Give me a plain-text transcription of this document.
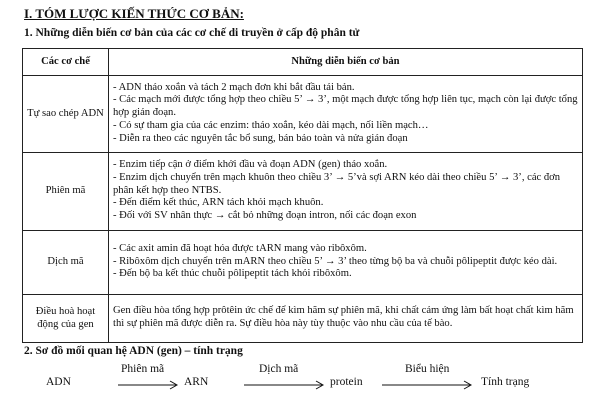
I. TÓM LƯỢC KIẾN THỨC CƠ BẢN:
1. Những diễn biến cơ bản của các cơ chế di truyền ở cấp độ phân tử
Các cơ chế	Những diễn biến cơ bản
Tự sao chép ADN	- ADN tháo xoắn và tách 2 mạch đơn khi bắt đầu tái bản.
- Các mạch mới được tổng hợp theo chiều 5’ → 3’, một mạch được tổng hợp liên tục, mạch còn lại được tổng hợp gián đoạn.
- Có sự tham gia của các enzim: tháo xoắn, kéo dài mạch, nối liền mạch…
- Diễn ra theo các nguyên tắc bổ sung, bán bảo toàn và nửa gián đoạn

Phiên mã	- Enzim tiếp cận ở điểm khởi đầu và đoạn ADN (gen) tháo xoắn.
- Enzim dịch chuyển trên mạch khuôn theo chiều 3’ → 5’và sợi ARN kéo dài theo chiều 5’ → 3’, các đơn phân kết hợp theo NTBS.
- Đến điểm kết thúc, ARN tách khỏi mạch khuôn.
- Đối với SV nhân thực → cắt bỏ những đoạn intron, nối các đoạn exon

Dịch mã	- Các axit amin đã hoạt hóa được tARN mang vào ribôxôm.
- Ribôxôm dịch chuyển trên mARN theo chiều 5’ → 3’ theo từng bộ ba và chuỗi pôlipeptit được kéo dài.
- Đến bộ ba kết thúc chuỗi pôlipeptit tách khỏi ribôxôm.

Điều hoà hoạt động của gen	Gen điều hòa tổng hợp prôtêin ức chế để kìm hãm sự phiên mã, khi chất cảm ứng làm bất hoạt chất kìm hãm thì sự phiên mã được diễn ra. Sự điều hòa này tùy thuộc vào nhu cầu của tế bào.
2. Sơ đồ mối quan hệ ADN (gen) – tính trạng
ADN	ARN	protein	Tính trạng
Phiên mã	Dịch mã	Biểu hiện
